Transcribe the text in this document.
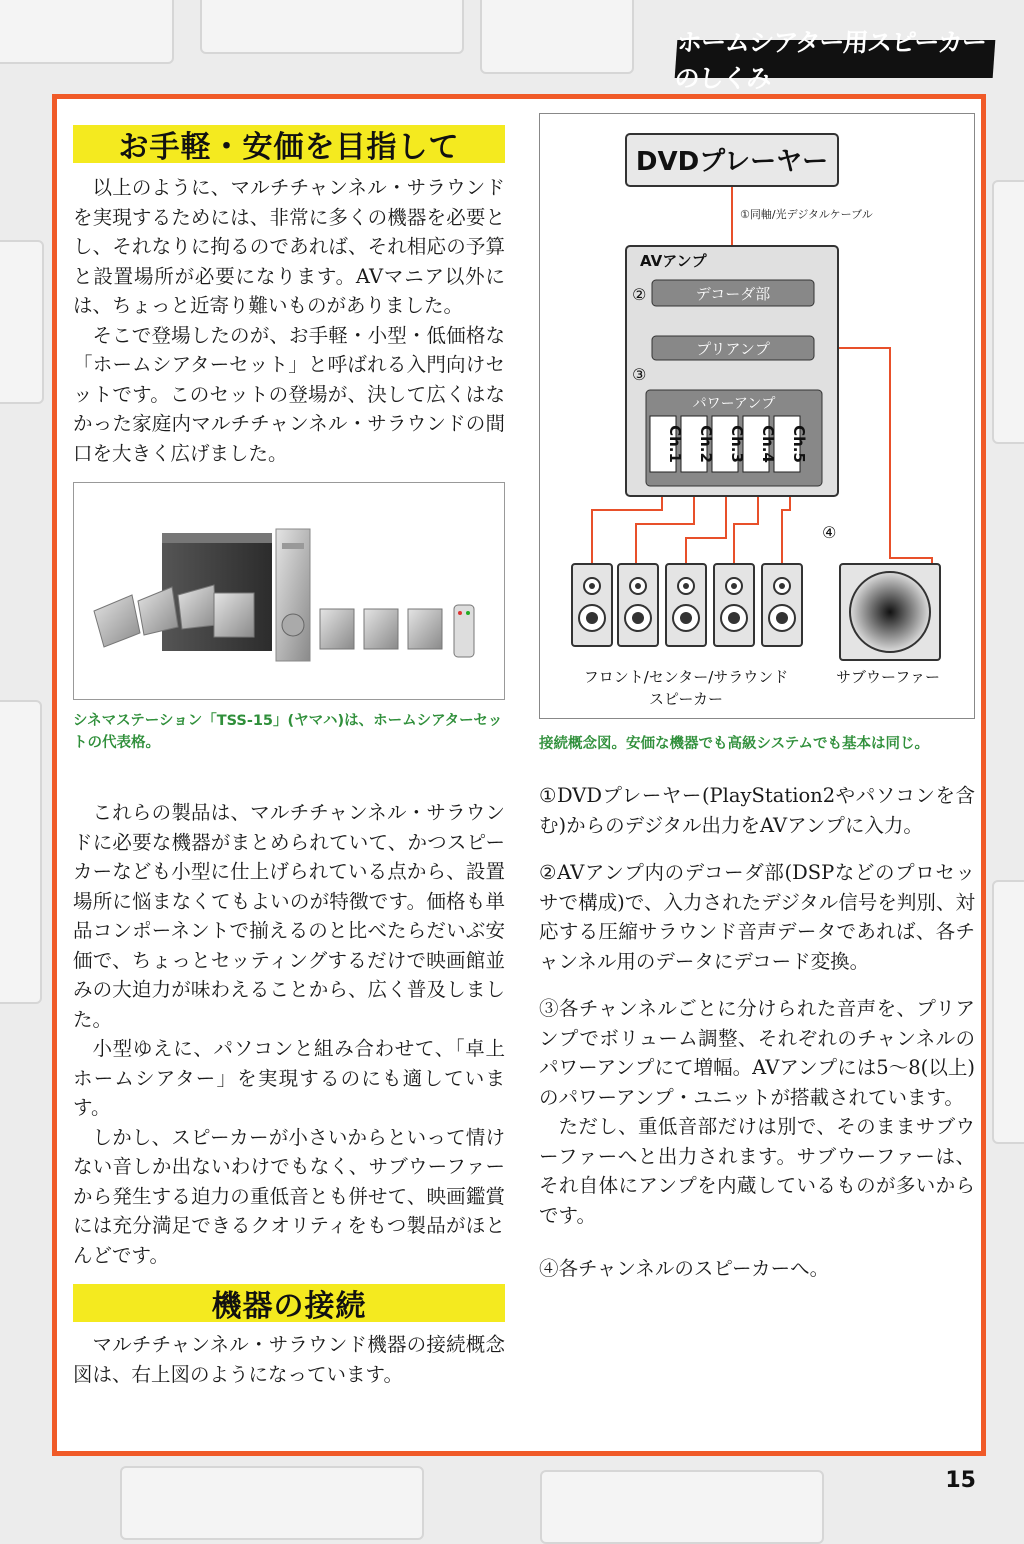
ホームシアター用スピーカーのしくみ
お手軽・安価を目指して

以上のように、マルチチャンネル・サラウンドを実現するためには、非常に多くの機器を必要とし、それなりに拘るのであれば、それ相応の予算と設置場所が必要になります。AVマニア以外には、ちょっと近寄り難いものがありました。

そこで登場したのが、お手軽・小型・低価格な「ホームシアターセット」と呼ばれる入門向けセットです。このセットの登場が、決して広くはなかった家庭内マルチチャンネル・サラウンドの間口を大きく広げました。

シネマステーション「TSS-15」(ヤマハ)は、ホームシアターセットの代表格。

これらの製品は、マルチチャンネル・サラウンドに必要な機器がまとめられていて、かつスピーカーなども小型に仕上げられている点から、設置場所に悩まなくてもよいのが特徴です。価格も単品コンポーネントで揃えるのと比べたらだいぶ安価で、ちょっとセッティングするだけで映画館並みの大迫力が味わえることから、広く普及しました。

小型ゆえに、パソコンと組み合わせて、「卓上ホームシアター」を実現するのにも適しています。

しかし、スピーカーが小さいからといって情けない音しか出ないわけでもなく、サブウーファーから発生する迫力の重低音とも併せて、映画鑑賞には充分満足できるクオリティをもつ製品がほとんどです。

機器の接続

マルチチャンネル・サラウンド機器の接続概念図は、右上図のようになっています。

DVDプレーヤー
①同軸/光デジタルケーブル
AVアンプ
②	デコーダ部
プリアンプ
③
パワーアンプ
Ch.1 Ch.2 Ch.3 Ch.4 Ch.5
④
フロント/センター/サラウンド
スピーカー
サブウーファー

接続概念図。安価な機器でも高級システムでも基本は同じ。

①DVDプレーヤー(PlayStation2やパソコンを含む)からのデジタル出力をAVアンプに入力。

②AVアンプ内のデコーダ部(DSPなどのプロセッサで構成)で、入力されたデジタル信号を判別、対応する圧縮サラウンド音声データであれば、各チャンネル用のデータにデコード変換。

③各チャンネルごとに分けられた音声を、プリアンプでボリューム調整、それぞれのチャンネルのパワーアンプにて増幅。AVアンプには5～8(以上)のパワーアンプ・ユニットが搭載されています。

ただし、重低音部だけは別で、そのままサブウーファーへと出力されます。サブウーファーは、それ自体にアンプを内蔵しているものが多いからです。

④各チャンネルのスピーカーへ。

15
